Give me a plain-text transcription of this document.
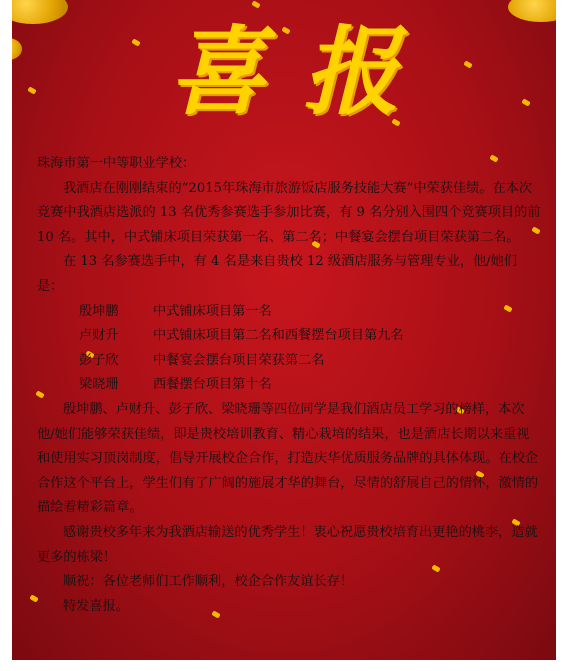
喜报

珠海市第一中等职业学校：

我酒店在刚刚结束的“2015年珠海市旅游饭店服务技能大赛”中荣获佳绩。在本次竞赛中我酒店选派的 13 名优秀参赛选手参加比赛，有 9 名分别入围四个竞赛项目的前 10 名。其中，中式铺床项目荣获第一名、第二名；中餐宴会摆台项目荣获第二名。

在 13 名参赛选手中，有 4 名是来自贵校 12 级酒店服务与管理专业，他/她们是：

殷坤鹏	中式铺床项目第一名
卢财升	中式铺床项目第二名和西餐摆台项目第九名
彭子欣	中餐宴会摆台项目荣获第二名
梁晓珊	西餐摆台项目第十名

殷坤鹏、卢财升、彭子欣、梁晓珊等四位同学是我们酒店员工学习的榜样，本次他/她们能够荣获佳绩，即是贵校培训教育、精心栽培的结果，也是酒店长期以来重视和使用实习顶岗制度，倡导开展校企合作，打造庆华优质服务品牌的具体体现。在校企合作这个平台上，学生们有了广阔的施展才华的舞台，尽情的舒展自己的情怀，激情的描绘着精彩篇章。

感谢贵校多年来为我酒店输送的优秀学生！衷心祝愿贵校培育出更艳的桃李，造就更多的栋梁！

顺祝：各位老师们工作顺利，校企合作友谊长存！

特发喜报。
